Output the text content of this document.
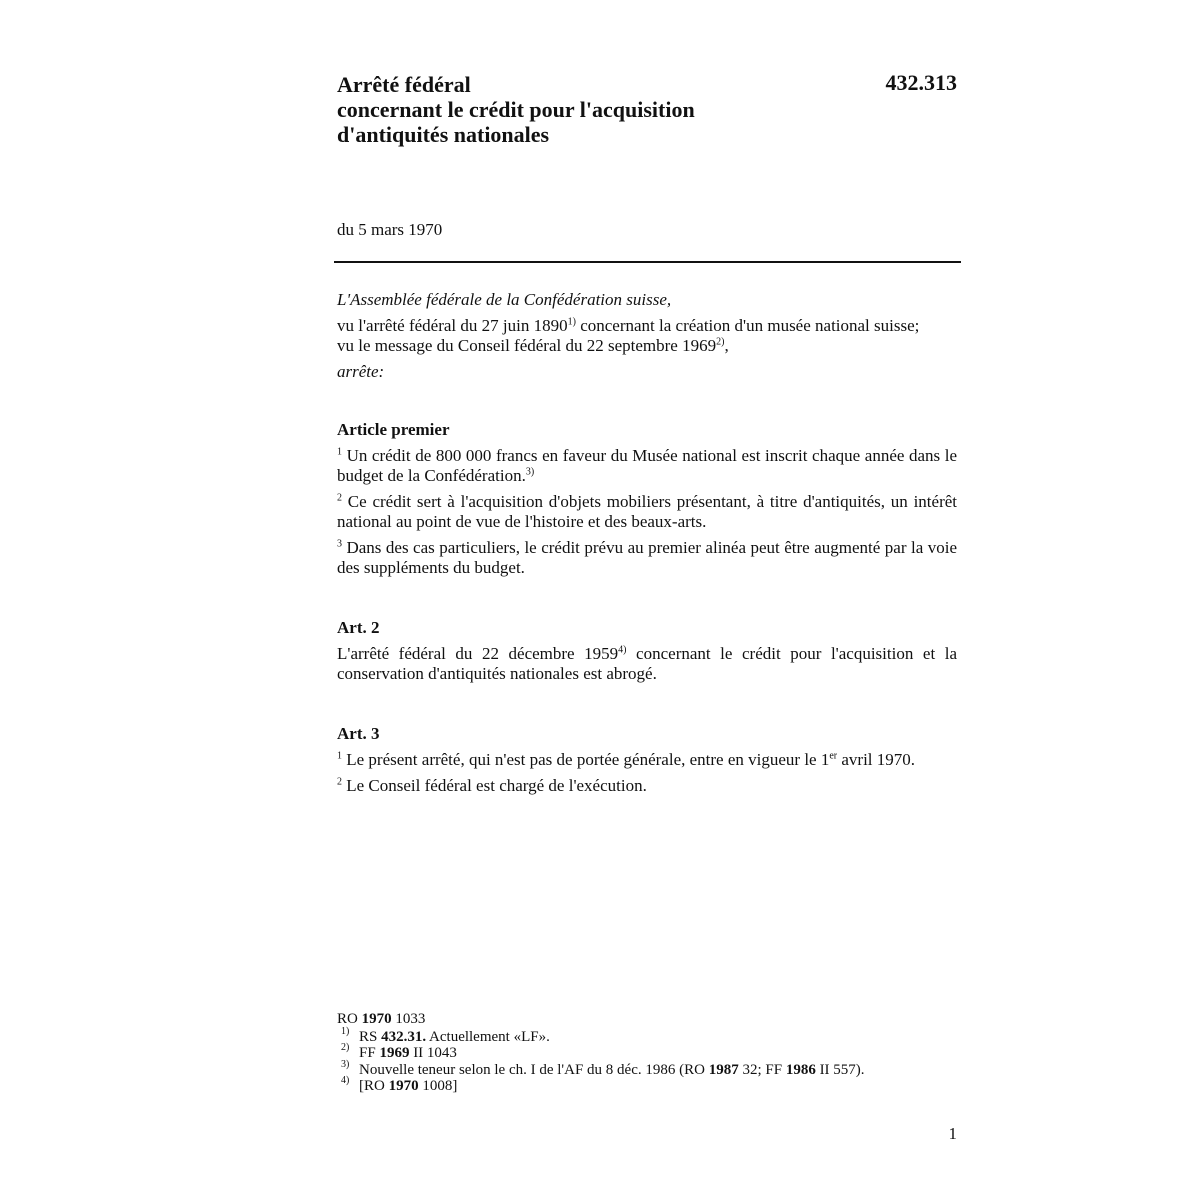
Arrêté fédéral
concernant le crédit pour l'acquisition
d'antiquités nationales
432.313
du 5 mars 1970

L'Assemblée fédérale de la Confédération suisse,

vu l'arrêté fédéral du 27 juin 1890$^{1)}$ concernant la création d'un musée national suisse;

vu le message du Conseil fédéral du 22 septembre 1969$^{2)}$,

arrête:

Article premier

$^1$ Un crédit de 800 000 francs en faveur du Musée national est inscrit chaque année dans le budget de la Confédération.$^{3)}$

$^2$ Ce crédit sert à l'acquisition d'objets mobiliers présentant, à titre d'antiquités, un intérêt national au point de vue de l'histoire et des beaux-arts.

$^3$ Dans des cas particuliers, le crédit prévu au premier alinéa peut être augmenté par la voie des suppléments du budget.

Art. 2

L'arrêté fédéral du 22 décembre 1959$^{4)}$ concernant le crédit pour l'acquisition et la conservation d'antiquités nationales est abrogé.

Art. 3

$^1$ Le présent arrêté, qui n'est pas de portée générale, entre en vigueur le 1er avril 1970.

$^2$ Le Conseil fédéral est chargé de l'exécution.

RO 1970 1033
1) RS 432.31. Actuellement «LF».
2) FF 1969 II 1043
3) Nouvelle teneur selon le ch. I de l'AF du 8 déc. 1986 (RO 1987 32; FF 1986 II 557).
4) [RO 1970 1008]
1
